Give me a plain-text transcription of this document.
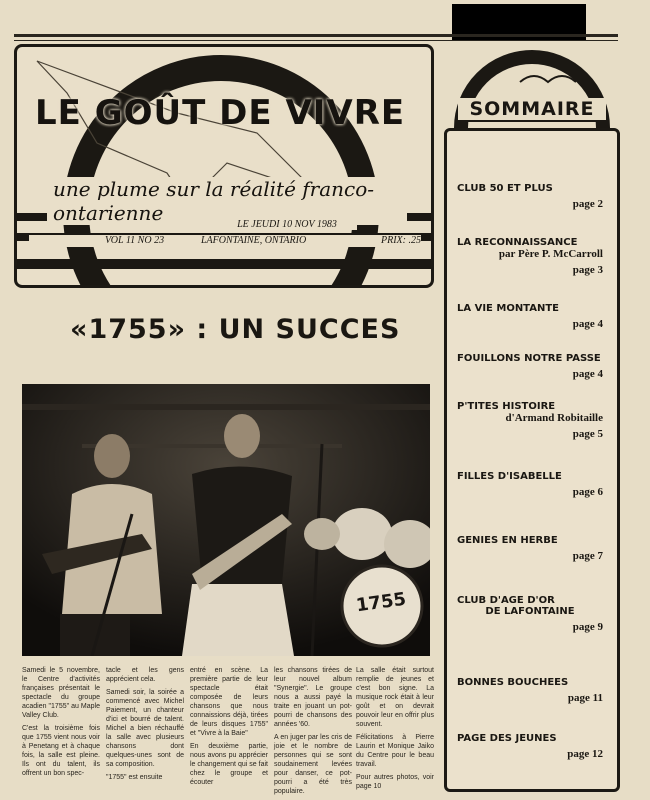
LE GOÛT DE VIVRE
une plume sur la réalité franco-ontarienne	LE JEUDI 10 NOV 1983
VOL 11 NO 23	LAFONTAINE, ONTARIO	PRIX: .25
«1755» : UN SUCCES
1755

Samedi le 5 novembre, le Centre d'activités françaises présentait le spectacle du groupe acadien "1755" au Maple Valley Club.

C'est la troisième fois que 1755 vient nous voir à Penetang et à chaque fois, la salle est pleine. Ils ont du talent, ils offrent un bon spec-

tacle et les gens apprécient cela.

Samedi soir, la soirée a commencé avec Michel Paiement, un chanteur d'ici et bourré de talent. Michel a bien réchauffé la salle avec plusieurs chansons dont quelques-unes sont de sa composition.

"1755" est ensuite

entré en scène. La première partie de leur spectacle était composée de leurs chansons que nous connaissions déjà, tirées de leurs disques 1755" et "Vivre à la Baie"

En deuxième partie, nous avons pu apprécier le changement qui se fait chez le groupe et écouter

les chansons tirées de leur nouvel album "Synergie". Le groupe nous a aussi payé la traite en jouant un pot-pourri de chansons des années '60.

A en juger par les cris de joie et le nombre de personnes qui se sont soudainement levées pour danser, ce pot-pourri a été très populaire.

La salle était surtout remplie de jeunes et c'est bon signe. La musique rock était à leur goût et on devrait pouvoir leur en offrir plus souvent.

Félicitations à Pierre Laurin et Monique Jaiko du Centre pour le beau travail.

Pour autres photos, voir page 10

SOMMAIRE
CLUB 50 ET PLUS
page 2
LA RECONNAISSANCE
par Père P. McCarroll
page 3
LA VIE MONTANTE
page 4
FOUILLONS NOTRE PASSE
page 4
P'TITES HISTOIRE
d'Armand Robitaille
page 5
FILLES D'ISABELLE
page 6
GENIES EN HERBE
page 7
CLUB D'AGE D'OR
DE LAFONTAINE
page 9
BONNES BOUCHEES
page 11
PAGE DES JEUNES
page 12
